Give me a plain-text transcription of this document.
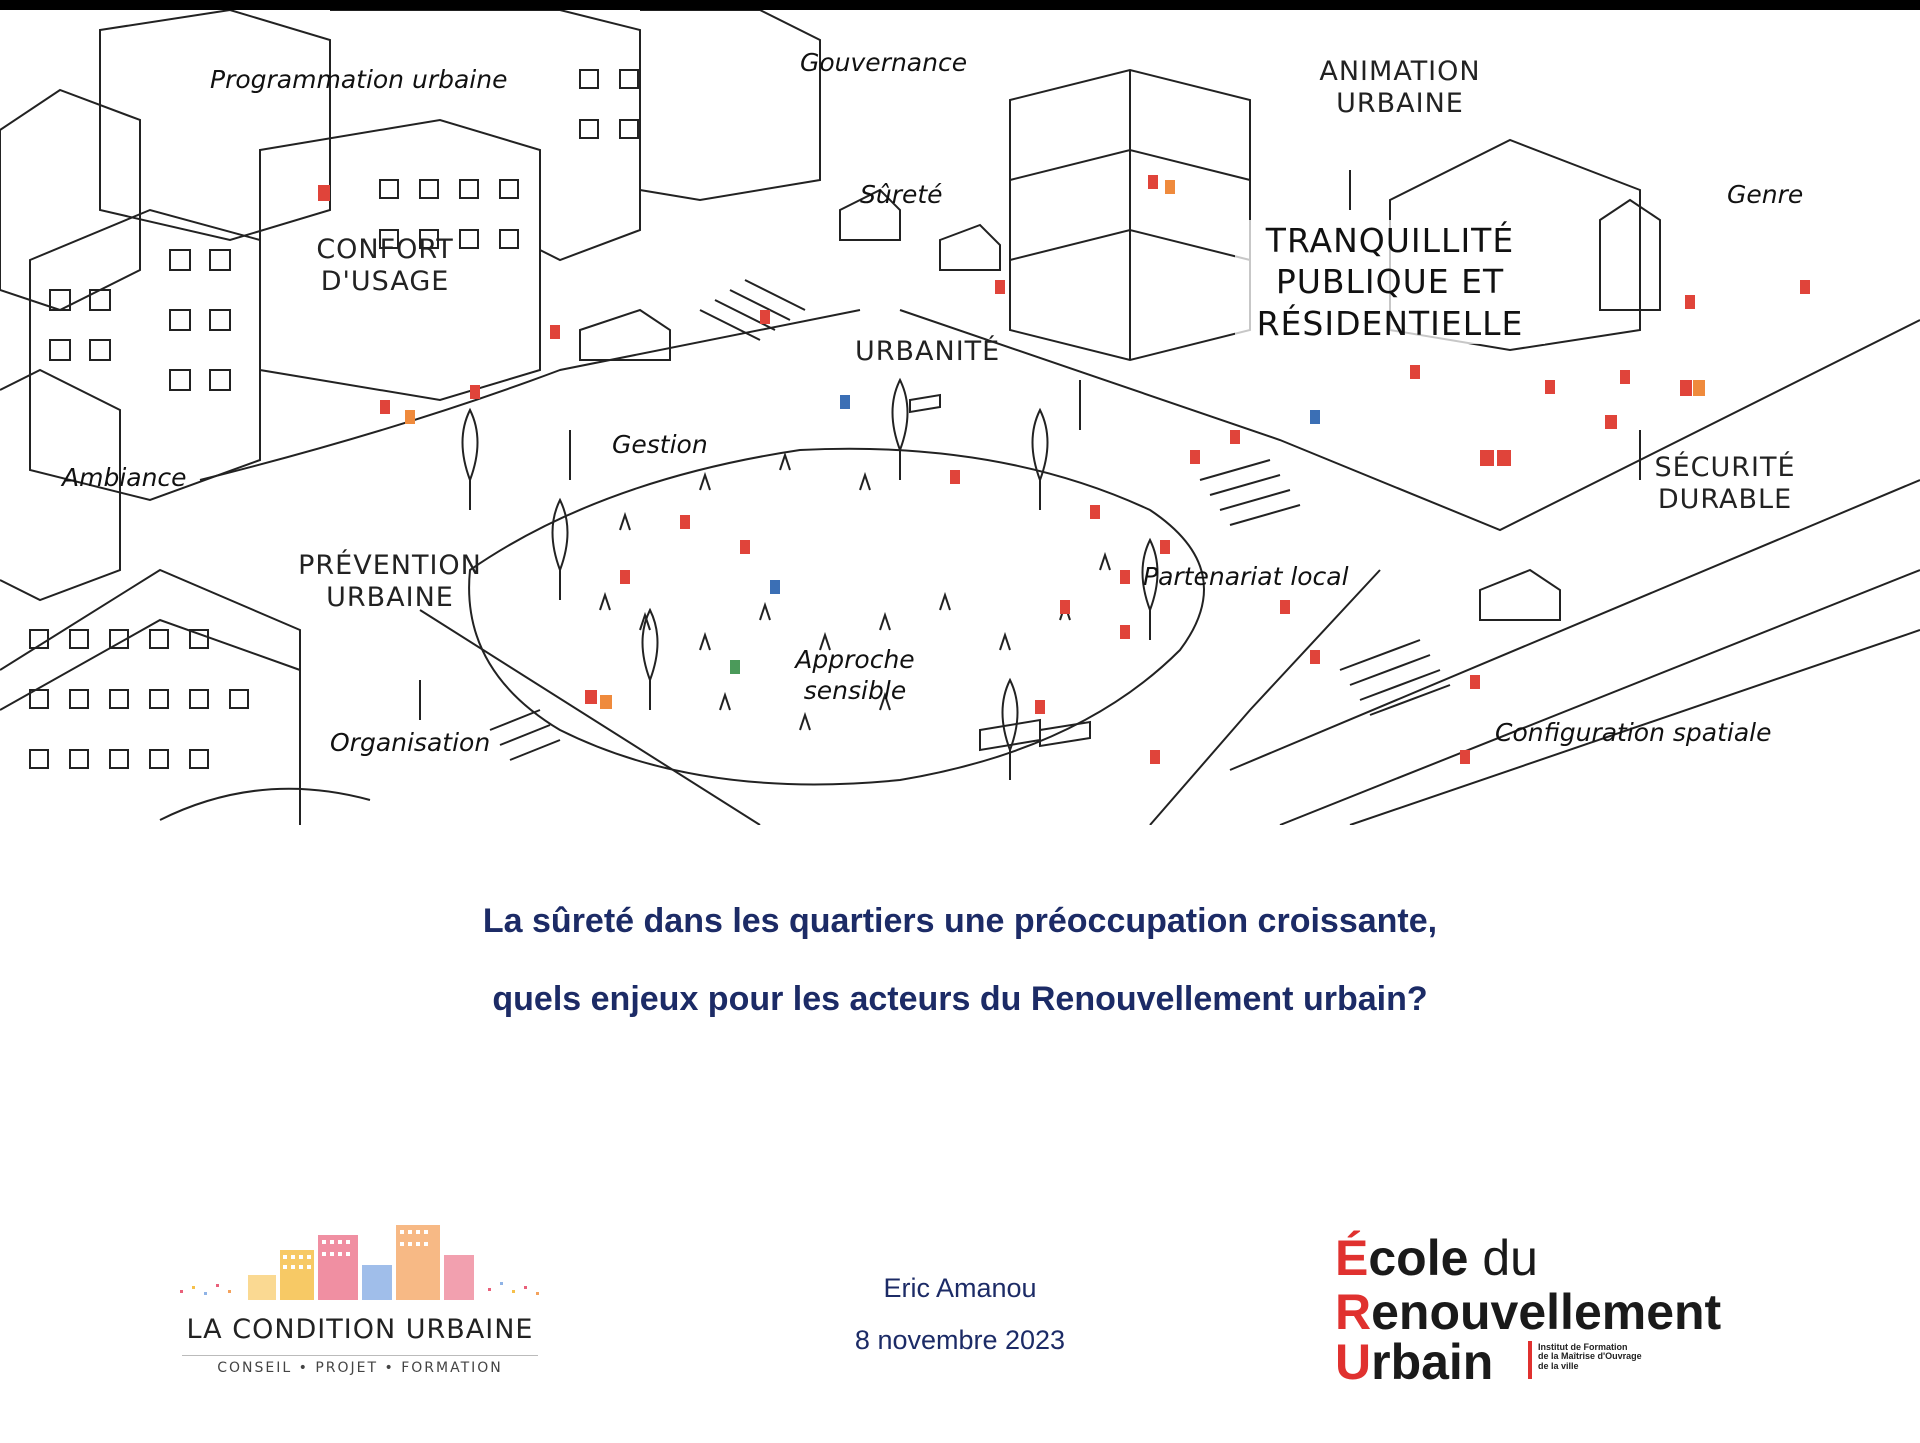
Programmation urbaine
Gouvernance	ANIMATION
URBAINE
Sûreté	Genre
CONFORT
D'USAGE
TRANQUILLITÉ
PUBLIQUE ET
RÉSIDENTIELLE
URBANITÉ
Gestion
Ambiance	SÉCURITÉ
DURABLE
PRÉVENTION
URBAINE
Partenariat local
Approche
sensible
Organisation	Configuration spatiale
La sûreté dans les quartiers une préoccupation croissante,
quels enjeux pour les acteurs du Renouvellement urbain?
Eric Amanou
8 novembre 2023
LA CONDITION URBAINE
CONSEIL • PROJET • FORMATION
École du
Renouvellement
Urbain	Institut de Formation
de la Maîtrise d'Ouvrage
de la ville
